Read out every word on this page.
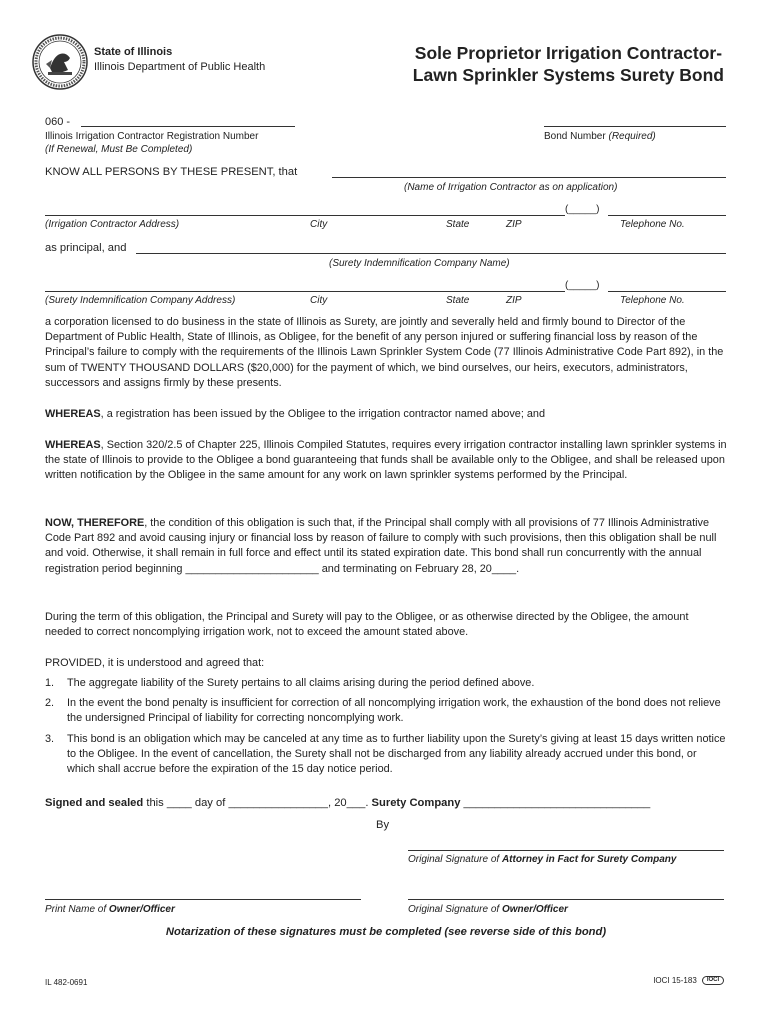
State of Illinois
Illinois Department of Public Health
Sole Proprietor Irrigation Contractor-
Lawn Sprinkler Systems Surety Bond
060 -
Illinois Irrigation Contractor Registration Number
(If Renewal, Must Be Completed)
Bond Number (Required)
KNOW ALL PERSONS BY THESE PRESENT, that
(Name of Irrigation Contractor as on application)
(_____)
(Irrigation Contractor Address)	City	State	ZIP	Telephone No.
as principal, and
(Surety Indemnification Company Name)
(_____)
(Surety Indemnification Company Address)	City	State	ZIP	Telephone No.
a corporation licensed to do business in the state of Illinois as Surety, are jointly and severally held and firmly bound to Director of the Department of Public Health, State of Illinois, as Obligee, for the benefit of any person injured or suffering financial loss by reason of the Principal’s failure to comply with the requirements of the Illinois Lawn Sprinkler System Code (77 Illinois Administrative Code Part 892), in the sum of TWENTY THOUSAND DOLLARS ($20,000) for the payment of which, we bind ourselves, our heirs, executors, administrators, successors and assigns firmly by these presents.
WHEREAS, a registration has been issued by the Obligee to the irrigation contractor named above; and
WHEREAS, Section 320/2.5 of Chapter 225, Illinois Compiled Statutes, requires every irrigation contractor installing lawn sprinkler systems in the state of Illinois to provide to the Obligee a bond guaranteeing that funds shall be available only to the Obligee, and shall be released upon written notification by the Obligee in the same amount for any work on lawn sprinkler systems performed by the Principal.
NOW, THEREFORE, the condition of this obligation is such that, if the Principal shall comply with all provisions of 77 Illinois Administrative Code Part 892 and avoid causing injury or financial loss by reason of failure to comply with such provisions, then this obligation shall be null and void. Otherwise, it shall remain in full force and effect until its stated expiration date. This bond shall run concurrently with the annual registration period beginning ______________________ and terminating on February 28, 20____.
During the term of this obligation, the Principal and Surety will pay to the Obligee, or as otherwise directed by the Obligee, the amount needed to correct noncomplying irrigation work, not to exceed the amount stated above.
PROVIDED, it is understood and agreed that:
1.	The aggregate liability of the Surety pertains to all claims arising during the period defined above.
2.	In the event the bond penalty is insufficient for correction of all noncomplying irrigation work, the exhaustion of the bond does not relieve the undersigned Principal of liability for correcting noncomplying work.
3.	This bond is an obligation which may be canceled at any time as to further liability upon the Surety’s giving at least 15 days written notice to the Obligee. In the event of cancellation, the Surety shall not be discharged from any liability already accrued under this bond, or which shall accrue before the expiration of the 15 day notice period.
Signed and sealed this ____ day of ________________, 20___. Surety Company ______________________________
By
Original Signature of Attorney in Fact for Surety Company
Print Name of Owner/Officer	Original Signature of Owner/Officer
Notarization of these signatures must be completed (see reverse side of this bond)
IL 482-0691	IOCI 15-183 IOCI
